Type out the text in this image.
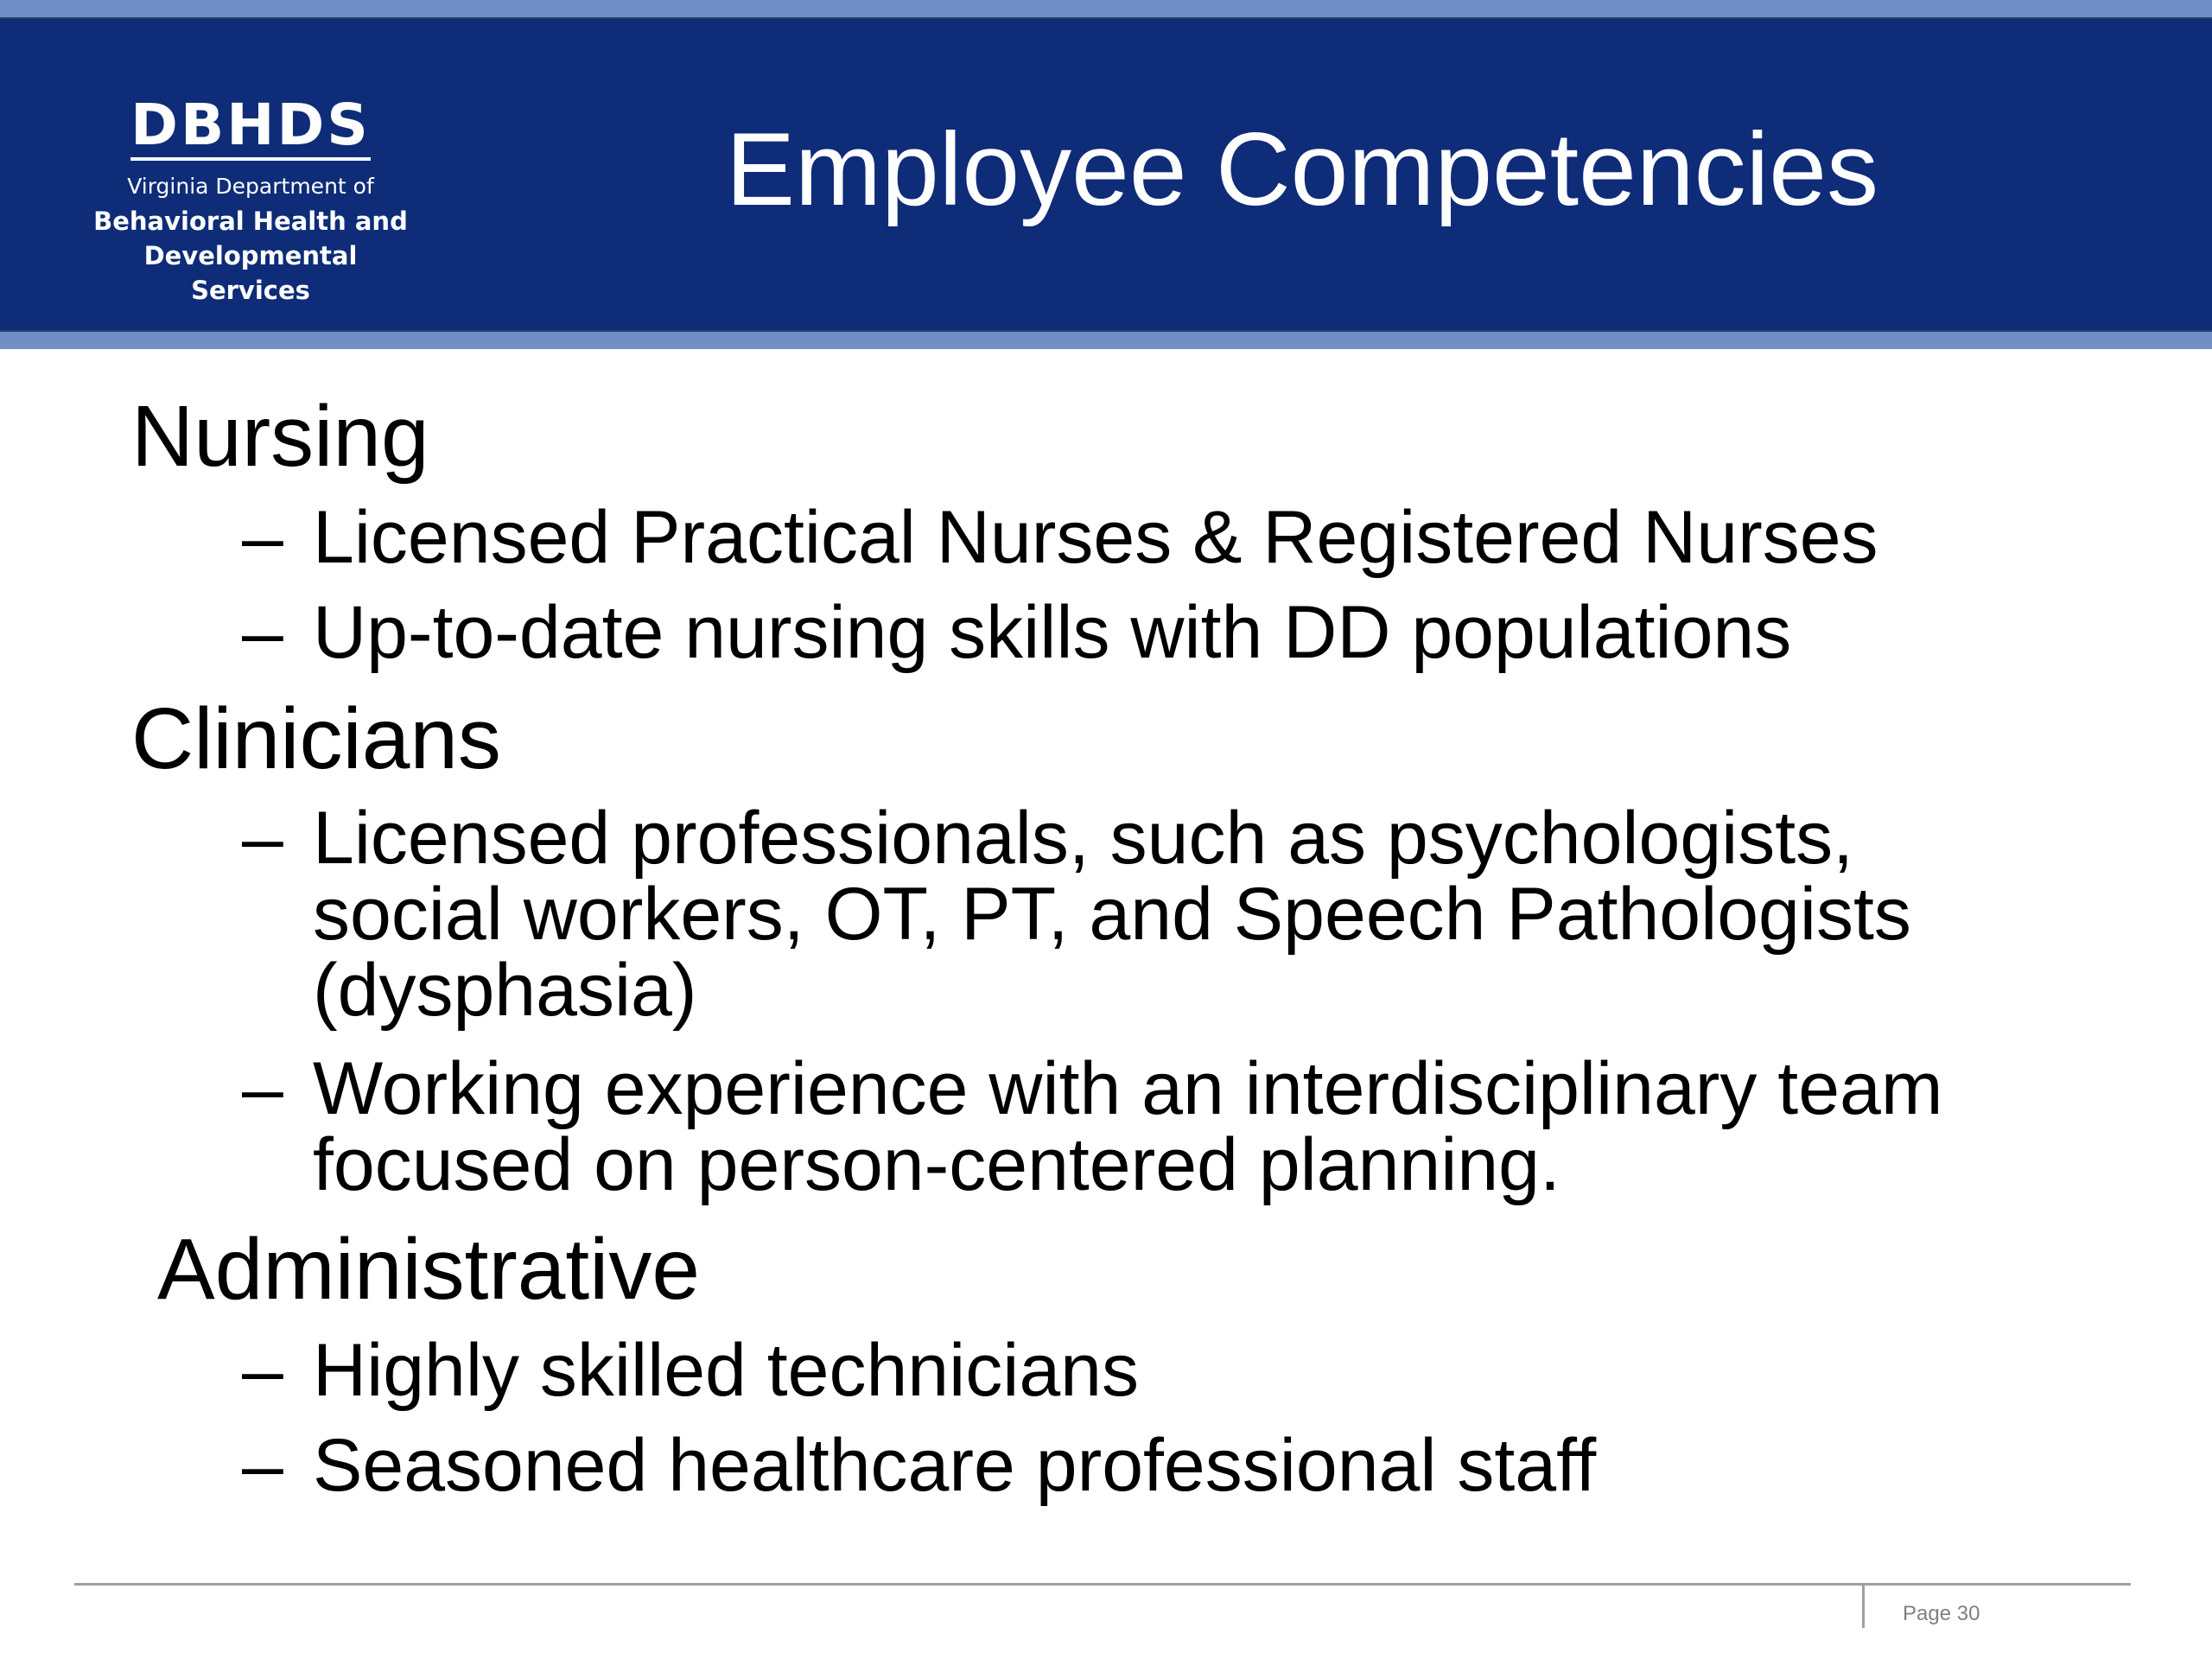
DBHDS
Virginia Department of
Behavioral Health and
Developmental Services
Employee Competencies
Nursing
– Licensed Practical Nurses & Registered Nurses
– Up-to-date nursing skills with DD populations
Clinicians
– Licensed professionals, such as psychologists,
social workers, OT, PT, and Speech Pathologists
(dysphasia)
– Working experience with an interdisciplinary team
focused on person-centered planning.
Administrative
– Highly skilled technicians
– Seasoned healthcare professional staff
Page 30
